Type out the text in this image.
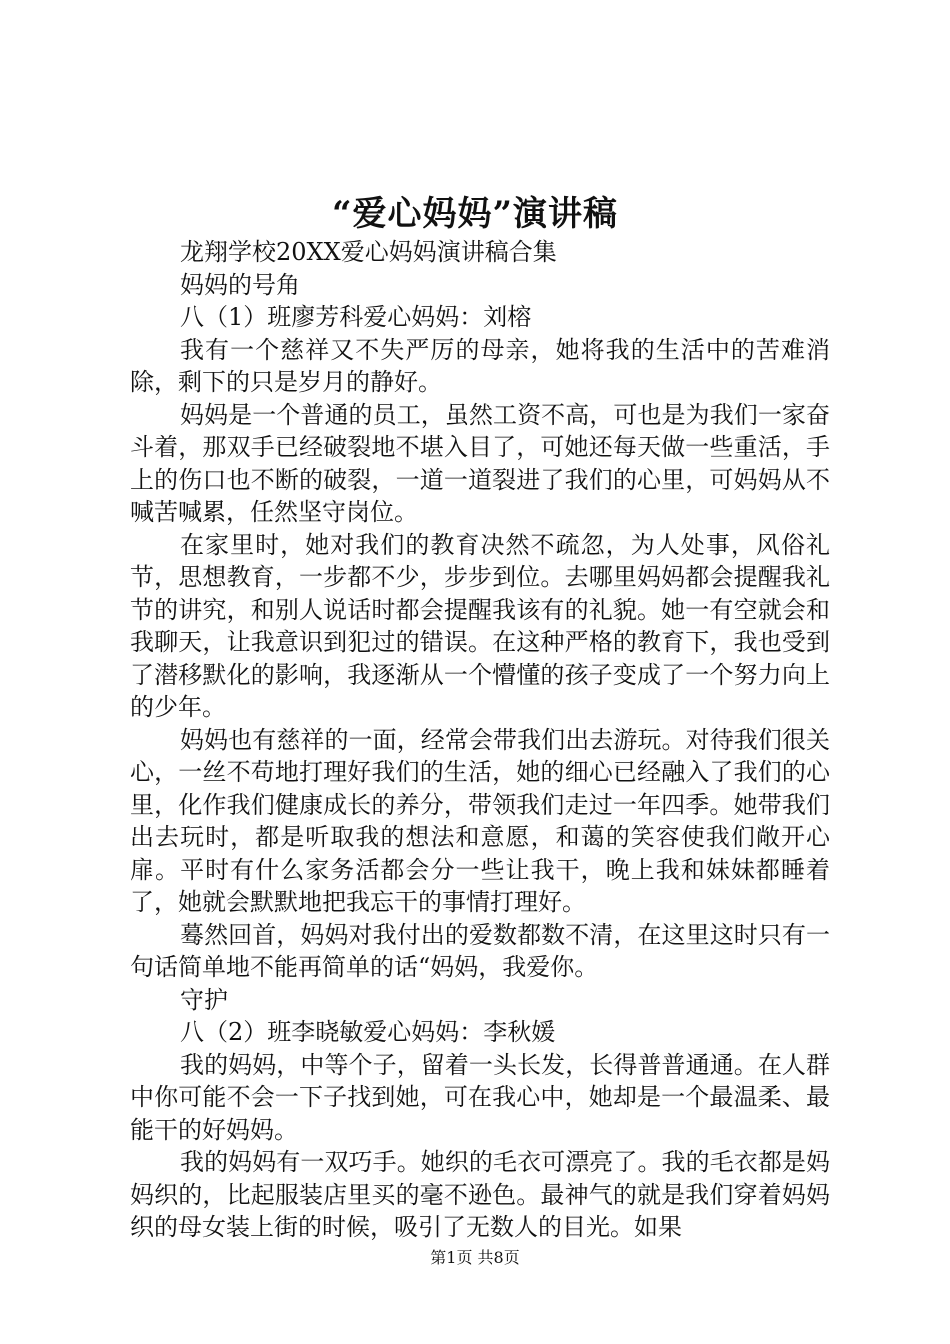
“爱心妈妈”演讲稿

龙翔学校20XX爱心妈妈演讲稿合集

妈妈的号角

八（1）班廖芳科爱心妈妈：刘榕

我有一个慈祥又不失严厉的母亲，她将我的生活中的苦难消除，剩下的只是岁月的静好。

妈妈是一个普通的员工，虽然工资不高，可也是为我们一家奋斗着，那双手已经破裂地不堪入目了，可她还每天做一些重活，手上的伤口也不断的破裂，一道一道裂进了我们的心里，可妈妈从不喊苦喊累，任然坚守岗位。

在家里时，她对我们的教育决然不疏忽，为人处事，风俗礼节，思想教育，一步都不少，步步到位。去哪里妈妈都会提醒我礼节的讲究，和别人说话时都会提醒我该有的礼貌。她一有空就会和我聊天，让我意识到犯过的错误。在这种严格的教育下，我也受到了潜移默化的影响，我逐渐从一个懵懂的孩子变成了一个努力向上的少年。

妈妈也有慈祥的一面，经常会带我们出去游玩。对待我们很关心，一丝不苟地打理好我们的生活，她的细心已经融入了我们的心里，化作我们健康成长的养分，带领我们走过一年四季。她带我们出去玩时，都是听取我的想法和意愿，和蔼的笑容使我们敞开心扉。平时有什么家务活都会分一些让我干，晚上我和妹妹都睡着了，她就会默默地把我忘干的事情打理好。

蓦然回首，妈妈对我付出的爱数都数不清，在这里这时只有一句话简单地不能再简单的话“妈妈，我爱你。

守护

八（2）班李晓敏爱心妈妈：李秋媛

我的妈妈，中等个子，留着一头长发，长得普普通通。在人群中你可能不会一下子找到她，可在我心中，她却是一个最温柔、最能干的好妈妈。

我的妈妈有一双巧手。她织的毛衣可漂亮了。我的毛衣都是妈妈织的，比起服装店里买的毫不逊色。最神气的就是我们穿着妈妈织的母女装上街的时候，吸引了无数人的目光。如果

第1页 共8页
